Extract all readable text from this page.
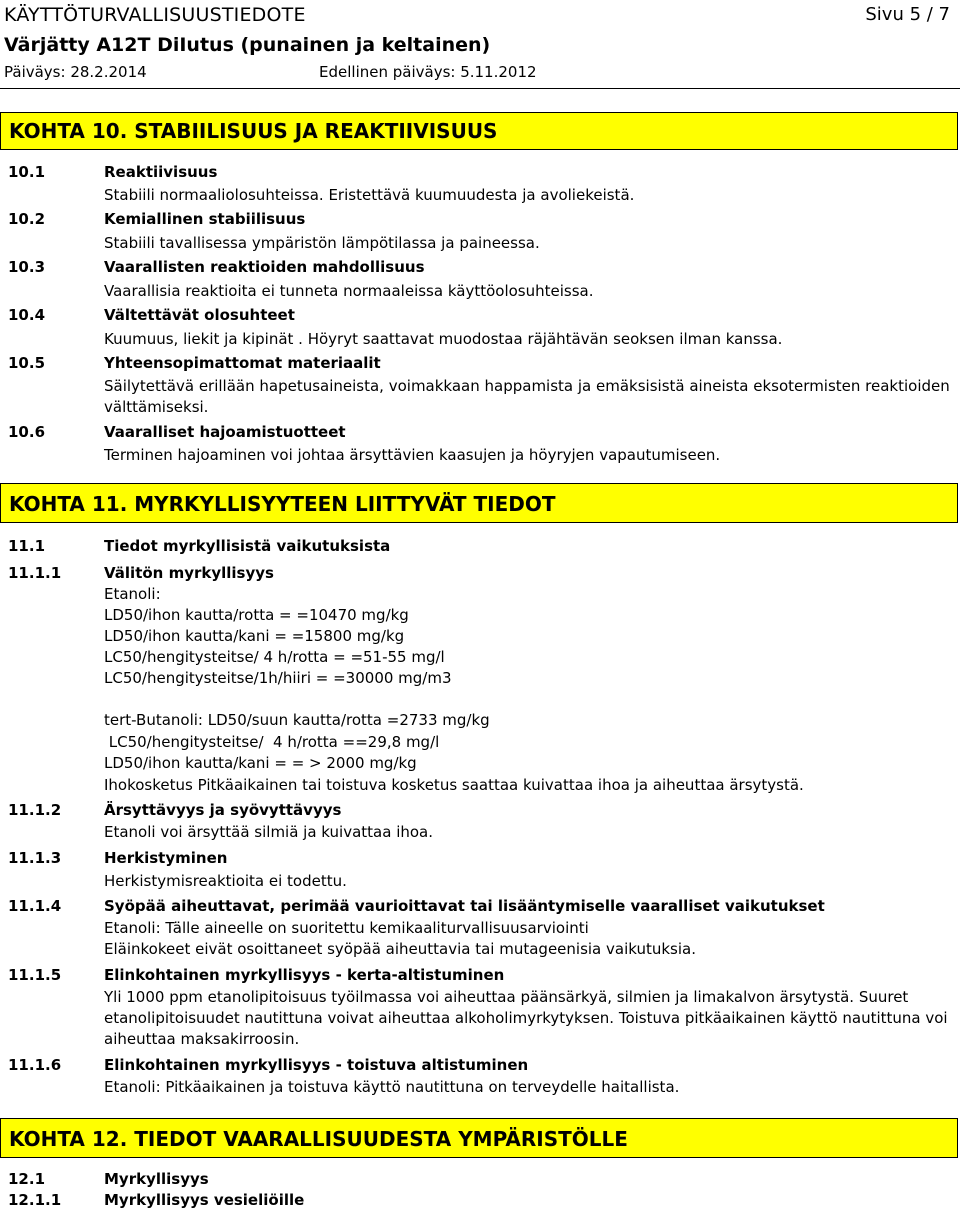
KÄYTTÖTURVALLISUUSTIEDOTE	Sivu 5 / 7
Värjätty A12T DiIutus (punainen ja keltainen)
Päiväys: 28.2.2014	Edellinen päiväys: 5.11.2012
KOHTA 10. STABIILISUUS JA REAKTIIVISUUS
10.1	Reaktiivisuus
Stabiili normaaliolosuhteissa. Eristettävä kuumuudesta ja avoliekeistä.
10.2	Kemiallinen stabiilisuus
Stabiili tavallisessa ympäristön lämpötilassa ja paineessa.
10.3	Vaarallisten reaktioiden mahdollisuus
Vaarallisia reaktioita ei tunneta normaaleissa käyttöolosuhteissa.
10.4	Vältettävät olosuhteet
Kuumuus, liekit ja kipinät . Höyryt saattavat muodostaa räjähtävän seoksen ilman kanssa.
10.5	Yhteensopimattomat materiaalit
Säilytettävä erillään hapetusaineista, voimakkaan happamista ja emäksisistä aineista eksotermisten reaktioiden
välttämiseksi.
10.6	Vaaralliset hajoamistuotteet
Terminen hajoaminen voi johtaa ärsyttävien kaasujen ja höyryjen vapautumiseen.
KOHTA 11. MYRKYLLISYYTEEN LIITTYVÄT TIEDOT
11.1	Tiedot myrkyllisistä vaikutuksista
11.1.1	Välitön myrkyllisyys
Etanoli:
LD50/ihon kautta/rotta = =10470 mg/kg
LD50/ihon kautta/kani = =15800 mg/kg
LC50/hengitysteitse/ 4 h/rotta = =51-55 mg/l
LC50/hengitysteitse/1h/hiiri = =30000 mg/m3
tert-Butanoli: LD50/suun kautta/rotta =2733 mg/kg
LC50/hengitysteitse/  4 h/rotta ==29,8 mg/l
LD50/ihon kautta/kani = = > 2000 mg/kg
Ihokosketus Pitkäaikainen tai toistuva kosketus saattaa kuivattaa ihoa ja aiheuttaa ärsytystä.
11.1.2	Ärsyttävyys ja syövyttävyys
Etanoli voi ärsyttää silmiä ja kuivattaa ihoa.
11.1.3	Herkistyminen
Herkistymisreaktioita ei todettu.
11.1.4	Syöpää aiheuttavat, perimää vaurioittavat tai lisääntymiselle vaaralliset vaikutukset
Etanoli: Tälle aineelle on suoritettu kemikaaliturvallisuusarviointi
Eläinkokeet eivät osoittaneet syöpää aiheuttavia tai mutageenisia vaikutuksia.
11.1.5	Elinkohtainen myrkyllisyys - kerta-altistuminen
Yli 1000 ppm etanolipitoisuus työilmassa voi aiheuttaa päänsärkyä, silmien ja limakalvon ärsytystä. Suuret
etanolipitoisuudet nautittuna voivat aiheuttaa alkoholimyrkytyksen. Toistuva pitkäaikainen käyttö nautittuna voi
aiheuttaa maksakirroosin.
11.1.6	Elinkohtainen myrkyllisyys - toistuva altistuminen
Etanoli: Pitkäaikainen ja toistuva käyttö nautittuna on terveydelle haitallista.
KOHTA 12. TIEDOT VAARALLISUUDESTA YMPÄRISTÖLLE
12.1	Myrkyllisyys
12.1.1	Myrkyllisyys vesieliöille
